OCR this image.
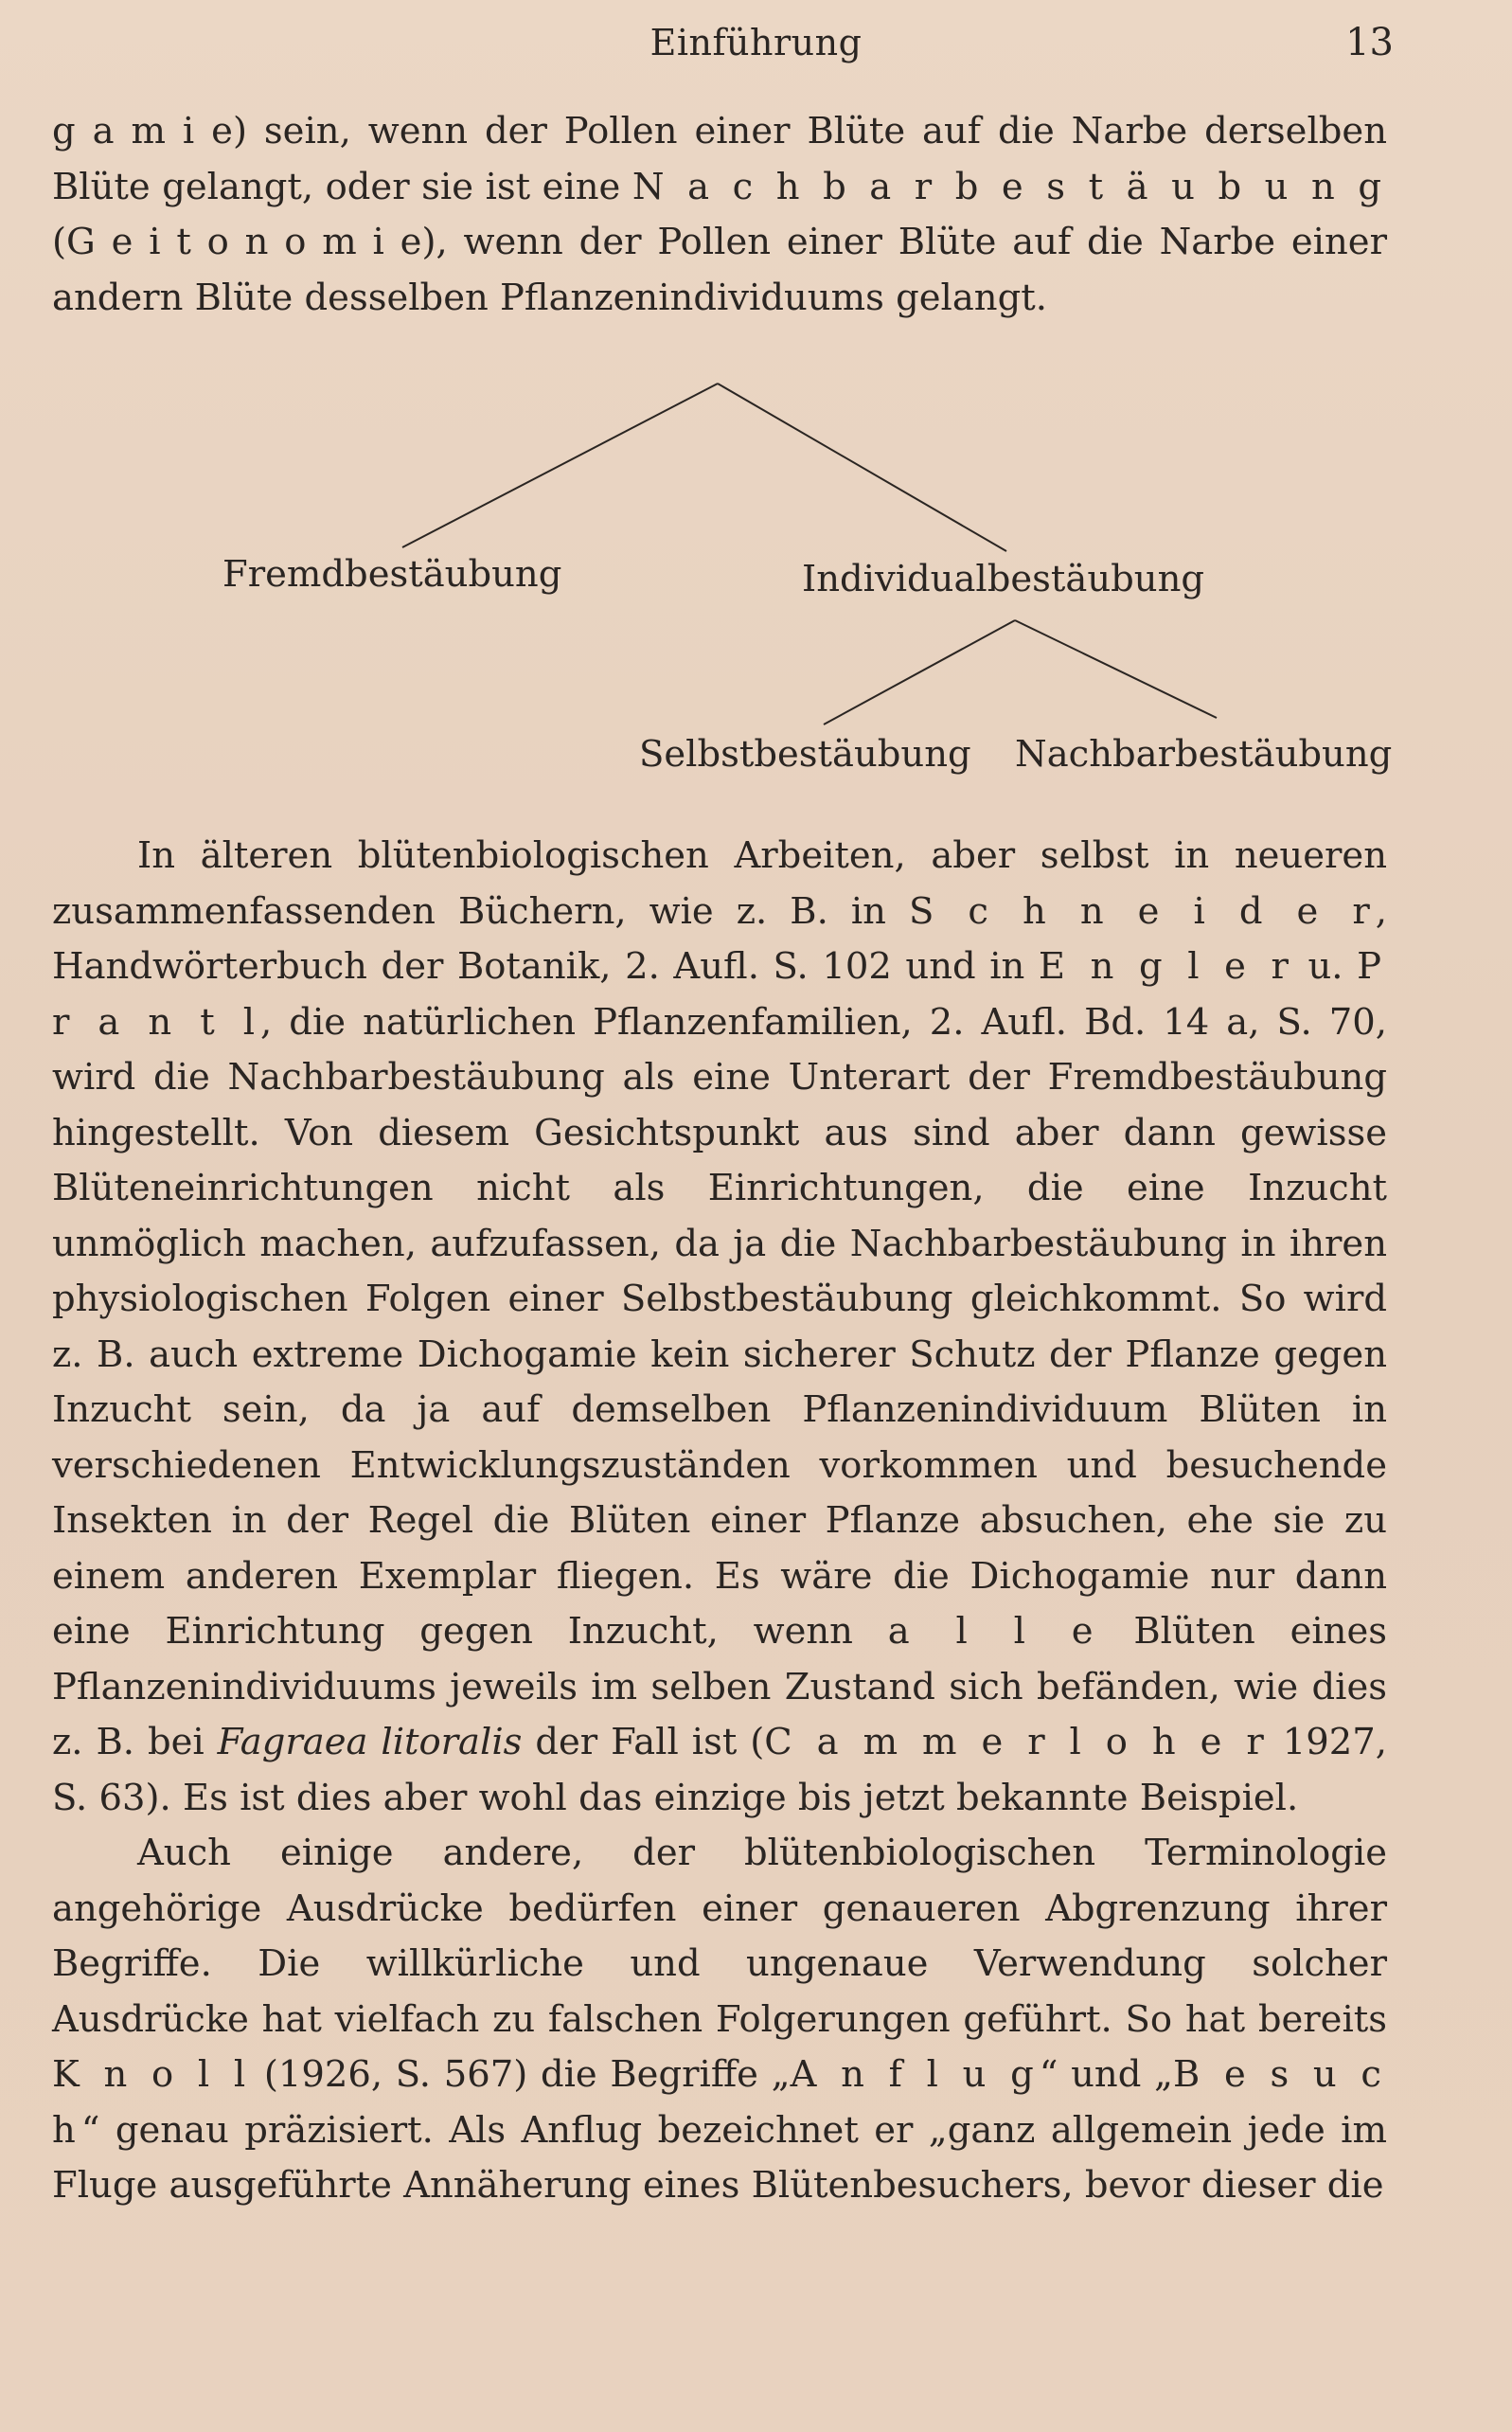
Einführung	13

g a m i e) sein, wenn der Pollen einer Blüte auf die Narbe derselben Blüte gelangt, oder sie ist eine N a c h b a r b e s t ä u b u n g (G e i t o n o m i e), wenn der Pollen einer Blüte auf die Narbe einer andern Blüte desselben Pflanzenindividuums gelangt.

Fremdbestäubung	Individualbestäubung
Selbstbestäubung Nachbarbestäubung

In älteren blütenbiologischen Arbeiten, aber selbst in neueren zusammenfassenden Büchern, wie z. B. in S c h n e i d e r, Handwörterbuch der Botanik, 2. Aufl. S. 102 und in E n g l e r u. P r a n t l, die natürlichen Pflanzenfamilien, 2. Aufl. Bd. 14 a, S. 70, wird die Nachbarbestäubung als eine Unterart der Fremdbestäubung hingestellt. Von diesem Gesichtspunkt aus sind aber dann gewisse Blüteneinrichtungen nicht als Einrichtungen, die eine Inzucht unmöglich machen, aufzufassen, da ja die Nachbarbestäubung in ihren physiologischen Folgen einer Selbstbestäubung gleichkommt. So wird z. B. auch extreme Dichogamie kein sicherer Schutz der Pflanze gegen Inzucht sein, da ja auf demselben Pflanzenindividuum Blüten in verschiedenen Entwicklungszuständen vorkommen und besuchende Insekten in der Regel die Blüten einer Pflanze absuchen, ehe sie zu einem anderen Exemplar fliegen. Es wäre die Dichogamie nur dann eine Einrichtung gegen Inzucht, wenn a l l e Blüten eines Pflanzenindividuums jeweils im selben Zustand sich befänden, wie dies z. B. bei Fagraea litoralis der Fall ist (C a m m e r l o h e r 1927, S. 63). Es ist dies aber wohl das einzige bis jetzt bekannte Beispiel.

Auch einige andere, der blütenbiologischen Terminologie angehörige Ausdrücke bedürfen einer genaueren Abgrenzung ihrer Begriffe. Die willkürliche und ungenaue Verwendung solcher Ausdrücke hat vielfach zu falschen Folgerungen geführt. So hat bereits K n o l l (1926, S. 567) die Begriffe „A n f l u g“ und „B e s u c h“ genau präzisiert. Als Anflug bezeichnet er „ganz allgemein jede im Fluge ausgeführte Annäherung eines Blütenbesuchers, bevor dieser die
